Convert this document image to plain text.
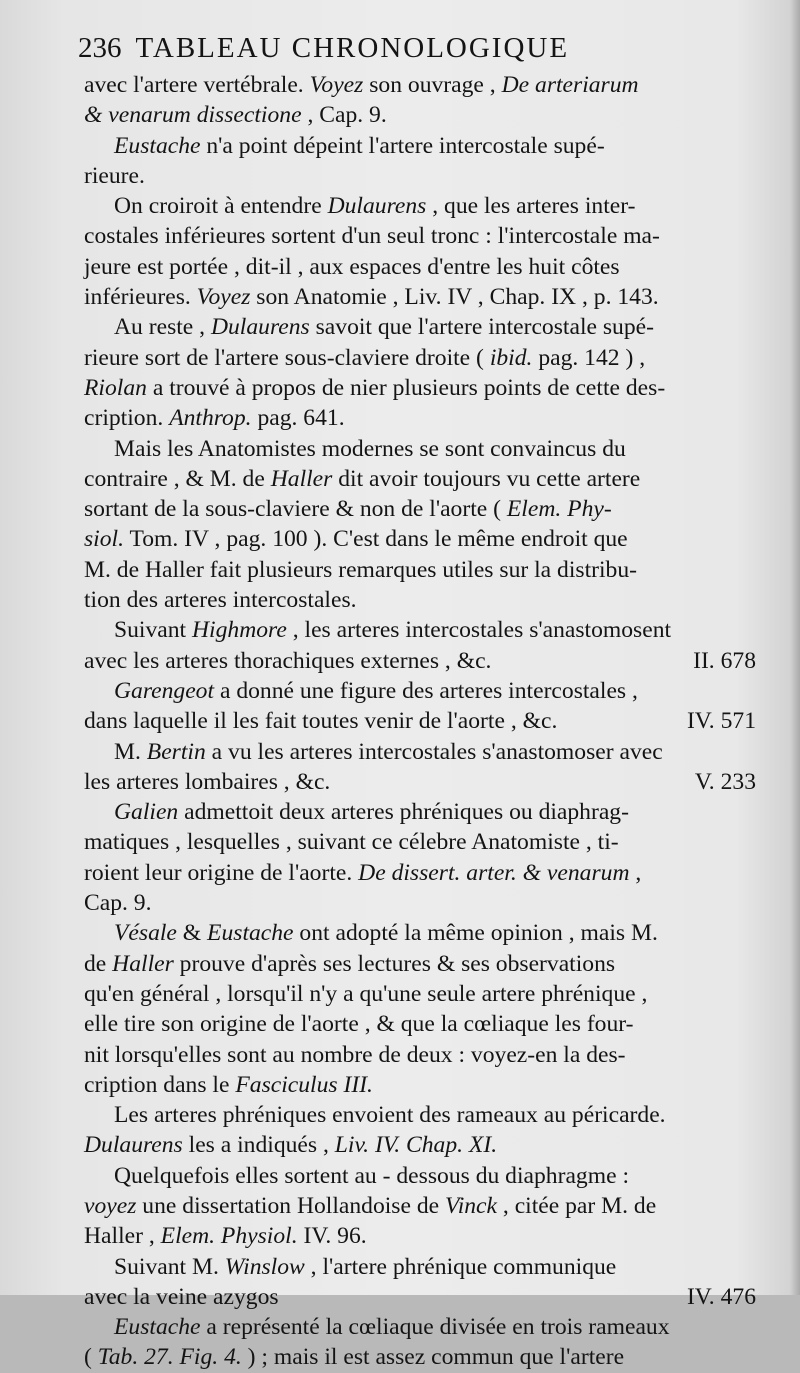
236 TABLEAU CHRONOLOGIQUE
avec l'artere vertébrale. Voyez son ouvrage , De arteriarum
& venarum dissectione , Cap. 9.
Eustache n'a point dépeint l'artere intercostale supé-
rieure.
On croiroit à entendre Dulaurens , que les arteres inter-
costales inférieures sortent d'un seul tronc : l'intercostale ma-
jeure est portée , dit-il , aux espaces d'entre les huit côtes
inférieures. Voyez son Anatomie , Liv. IV , Chap. IX , p. 143.
Au reste , Dulaurens savoit que l'artere intercostale supé-
rieure sort de l'artere sous-claviere droite ( ibid. pag. 142 ) ,
Riolan a trouvé à propos de nier plusieurs points de cette des-
cription. Anthrop. pag. 641.
Mais les Anatomistes modernes se sont convaincus du
contraire , & M. de Haller dit avoir toujours vu cette artere
sortant de la sous-claviere & non de l'aorte ( Elem. Phy-
siol. Tom. IV , pag. 100 ). C'est dans le même endroit que
M. de Haller fait plusieurs remarques utiles sur la distribu-
tion des arteres intercostales.
Suivant Highmore , les arteres intercostales s'anastomosent
avec les arteres thorachiques externes , &c.	II. 678
Garengeot a donné une figure des arteres intercostales ,
dans laquelle il les fait toutes venir de l'aorte , &c.	IV. 571
M. Bertin a vu les arteres intercostales s'anastomoser avec
les arteres lombaires , &c.	V. 233
Galien admettoit deux arteres phréniques ou diaphrag-
matiques , lesquelles , suivant ce célebre Anatomiste , ti-
roient leur origine de l'aorte. De dissert. arter. & venarum ,
Cap. 9.
Vésale & Eustache ont adopté la même opinion , mais M.
de Haller prouve d'après ses lectures & ses observations
qu'en général , lorsqu'il n'y a qu'une seule artere phrénique ,
elle tire son origine de l'aorte , & que la cœliaque les four-
nit lorsqu'elles sont au nombre de deux : voyez-en la des-
cription dans le Fasciculus III.
Les arteres phréniques envoient des rameaux au péricarde.
Dulaurens les a indiqués , Liv. IV. Chap. XI.
Quelquefois elles sortent au - dessous du diaphragme :
voyez une dissertation Hollandoise de Vinck , citée par M. de
Haller , Elem. Physiol. IV. 96.
Suivant M. Winslow , l'artere phrénique communique
avec la veine azygos	IV. 476
Eustache a représenté la cœliaque divisée en trois rameaux
( Tab. 27. Fig. 4. ) ; mais il est assez commun que l'artere
